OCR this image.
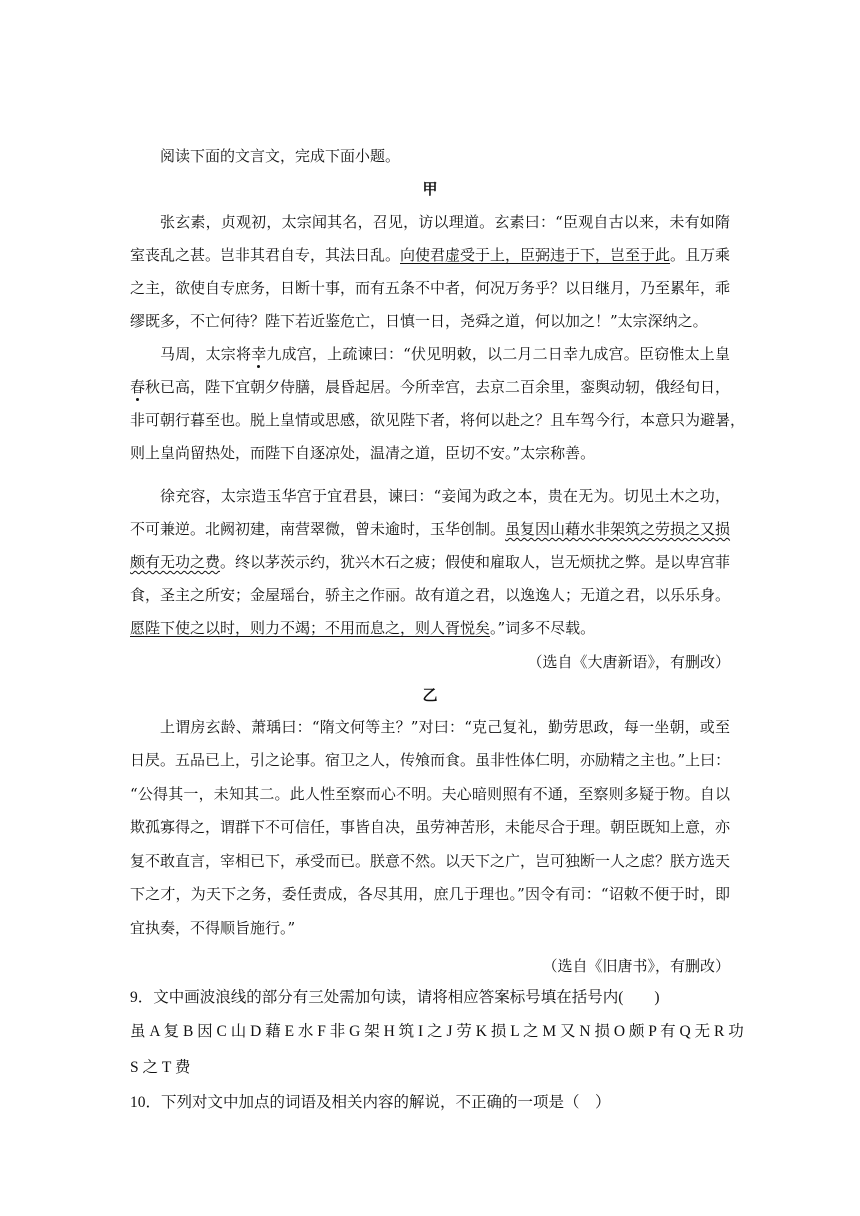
阅读下面的文言文，完成下面小题。
甲
张玄素，贞观初，太宗闻其名，召见，访以理道。玄素曰：“臣观自古以来，未有如隋
室丧乱之甚。岂非其君自专，其法日乱。向使君虚受于上，臣弼违于下，岂至于此。且万乘
之主，欲使自专庶务，日断十事，而有五条不中者，何况万务乎？以日继月，乃至累年，乖
缪既多，不亡何待？陛下若近鉴危亡，日慎一日，尧舜之道，何以加之！”太宗深纳之。
马周，太宗将幸九成宫，上疏谏曰：“伏见明敕，以二月二日幸九成宫。臣窃惟太上皇
春秋已高，陛下宜朝夕侍膳，晨昏起居。今所幸宫，去京二百余里，銮舆动轫，俄经旬日，
非可朝行暮至也。脱上皇情或思感，欲见陛下者，将何以赴之？且车驾今行，本意只为避暑，
则上皇尚留热处，而陛下自逐凉处，温凊之道，臣切不安。”太宗称善。
徐充容，太宗造玉华宫于宜君县，谏曰：“妾闻为政之本，贵在无为。切见土木之功，
不可兼逆。北阙初建，南营翠微，曾未逾时，玉华创制。虽复因山藉水非架筑之劳损之又损
颇有无功之费。终以茅茨示约，犹兴木石之疲；假使和雇取人，岂无烦扰之弊。是以卑宫菲
食，圣主之所安；金屋瑶台，骄主之作丽。故有道之君，以逸逸人；无道之君，以乐乐身。
愿陛下使之以时，则力不竭；不用而息之，则人胥悦矣。”词多不尽载。
（选自《大唐新语》，有删改）
乙
上谓房玄龄、萧瑀曰：“隋文何等主？”对曰：“克己复礼，勤劳思政，每一坐朝，或至
日昃。五品已上，引之论事。宿卫之人，传飧而食。虽非性体仁明，亦励精之主也。”上曰：
“公得其一，未知其二。此人性至察而心不明。夫心暗则照有不通，至察则多疑于物。自以
欺孤寡得之，谓群下不可信任，事皆自决，虽劳神苦形，未能尽合于理。朝臣既知上意，亦
复不敢直言，宰相已下，承受而已。朕意不然。以天下之广，岂可独断一人之虑？朕方选天
下之才，为天下之务，委任责成，各尽其用，庶几于理也。”因令有司：“诏敕不便于时，即
宜执奏，不得顺旨施行。”
（选自《旧唐书》，有删改）
9．文中画波浪线的部分有三处需加句读，请将相应答案标号填在括号内(　　)
虽 A 复 B 因 C 山 D 藉 E 水 F 非 G 架 H 筑 I 之 J 劳 K 损 L 之 M 又 N 损 O 颇 P 有 Q 无 R 功
S 之 T 费
10．下列对文中加点的词语及相关内容的解说，不正确的一项是（　）
